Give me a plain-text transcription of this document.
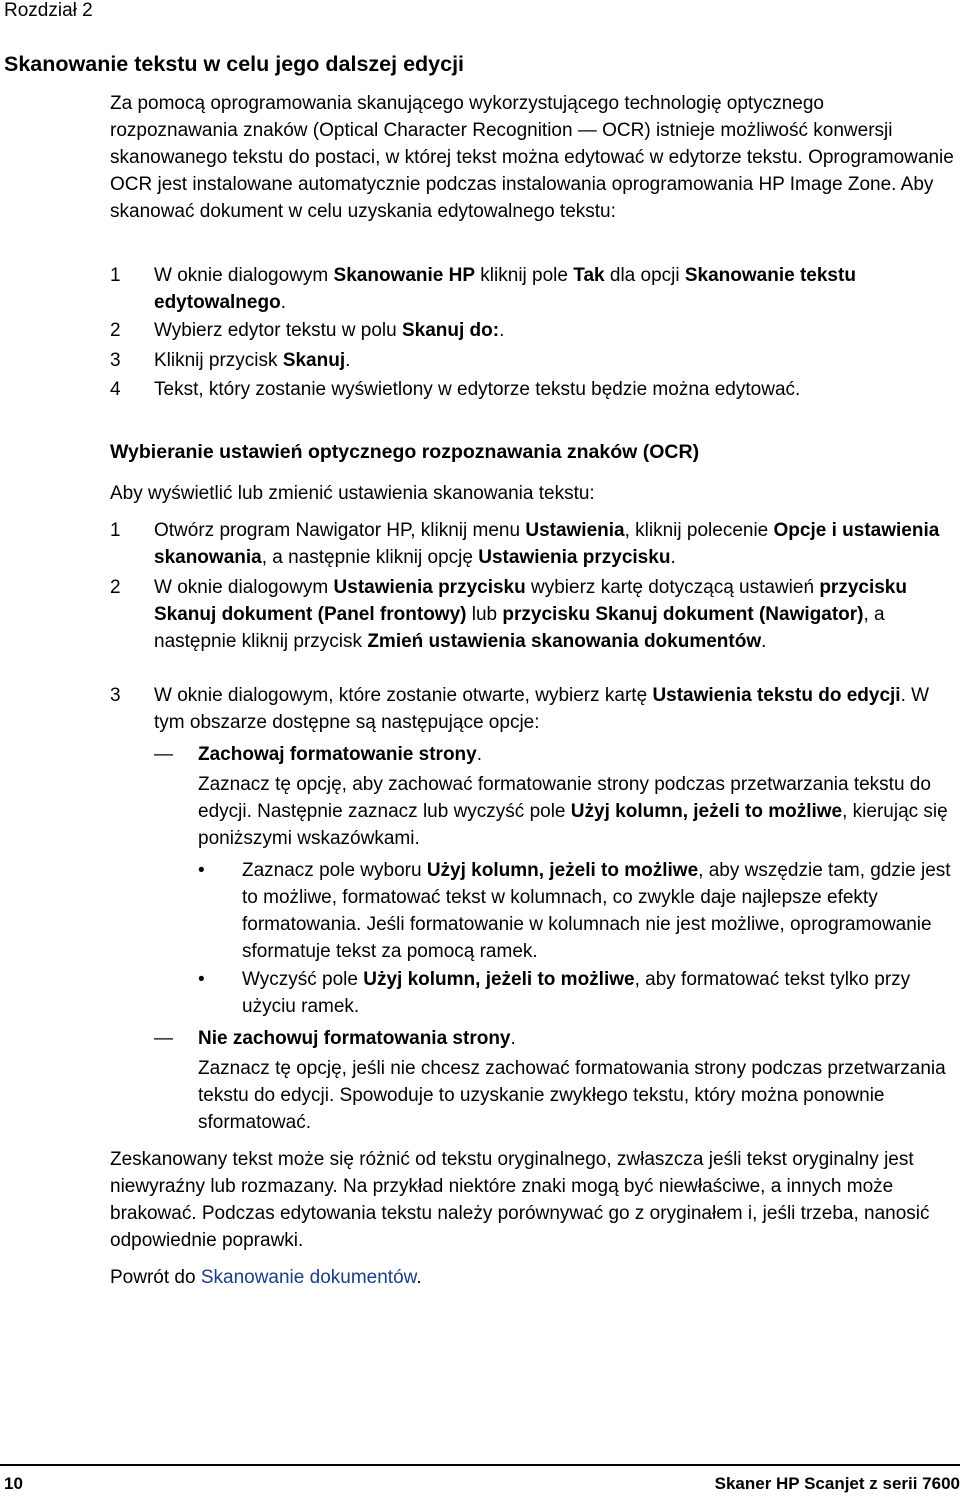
Rozdział 2
Skanowanie tekstu w celu jego dalszej edycji

Za pomocą oprogramowania skanującego wykorzystującego technologię optycznego rozpoznawania znaków (Optical Character Recognition — OCR) istnieje możliwość konwersji skanowanego tekstu do postaci, w której tekst można edytować w edytorze tekstu. Oprogramowanie OCR jest instalowane automatycznie podczas instalowania oprogramowania HP Image Zone. Aby skanować dokument w celu uzyskania edytowalnego tekstu:

1 W oknie dialogowym Skanowanie HP kliknij pole Tak dla opcji Skanowanie tekstu edytowalnego.

2 Wybierz edytor tekstu w polu Skanuj do:.

3 Kliknij przycisk Skanuj.

4 Tekst, który zostanie wyświetlony w edytorze tekstu będzie można edytować.

Wybieranie ustawień optycznego rozpoznawania znaków (OCR)

Aby wyświetlić lub zmienić ustawienia skanowania tekstu:

1 Otwórz program Nawigator HP, kliknij menu Ustawienia, kliknij polecenie Opcje i ustawienia skanowania, a następnie kliknij opcję Ustawienia przycisku.

2 W oknie dialogowym Ustawienia przycisku wybierz kartę dotyczącą ustawień przycisku Skanuj dokument (Panel frontowy) lub przycisku Skanuj dokument (Nawigator), a następnie kliknij przycisk Zmień ustawienia skanowania dokumentów.

3 W oknie dialogowym, które zostanie otwarte, wybierz kartę Ustawienia tekstu do edycji. W tym obszarze dostępne są następujące opcje:

— Zachowaj formatowanie strony.

Zaznacz tę opcję, aby zachować formatowanie strony podczas przetwarzania tekstu do edycji. Następnie zaznacz lub wyczyść pole Użyj kolumn, jeżeli to możliwe, kierując się poniższymi wskazówkami.

• Zaznacz pole wyboru Użyj kolumn, jeżeli to możliwe, aby wszędzie tam, gdzie jest to możliwe, formatować tekst w kolumnach, co zwykle daje najlepsze efekty formatowania. Jeśli formatowanie w kolumnach nie jest możliwe, oprogramowanie sformatuje tekst za pomocą ramek.

• Wyczyść pole Użyj kolumn, jeżeli to możliwe, aby formatować tekst tylko przy użyciu ramek.

— Nie zachowuj formatowania strony.

Zaznacz tę opcję, jeśli nie chcesz zachować formatowania strony podczas przetwarzania tekstu do edycji. Spowoduje to uzyskanie zwykłego tekstu, który można ponownie sformatować.

Zeskanowany tekst może się różnić od tekstu oryginalnego, zwłaszcza jeśli tekst oryginalny jest niewyraźny lub rozmazany. Na przykład niektóre znaki mogą być niewłaściwe, a innych może brakować. Podczas edytowania tekstu należy porównywać go z oryginałem i, jeśli trzeba, nanosić odpowiednie poprawki.

Powrót do Skanowanie dokumentów.

10	Skaner HP Scanjet z serii 7600
